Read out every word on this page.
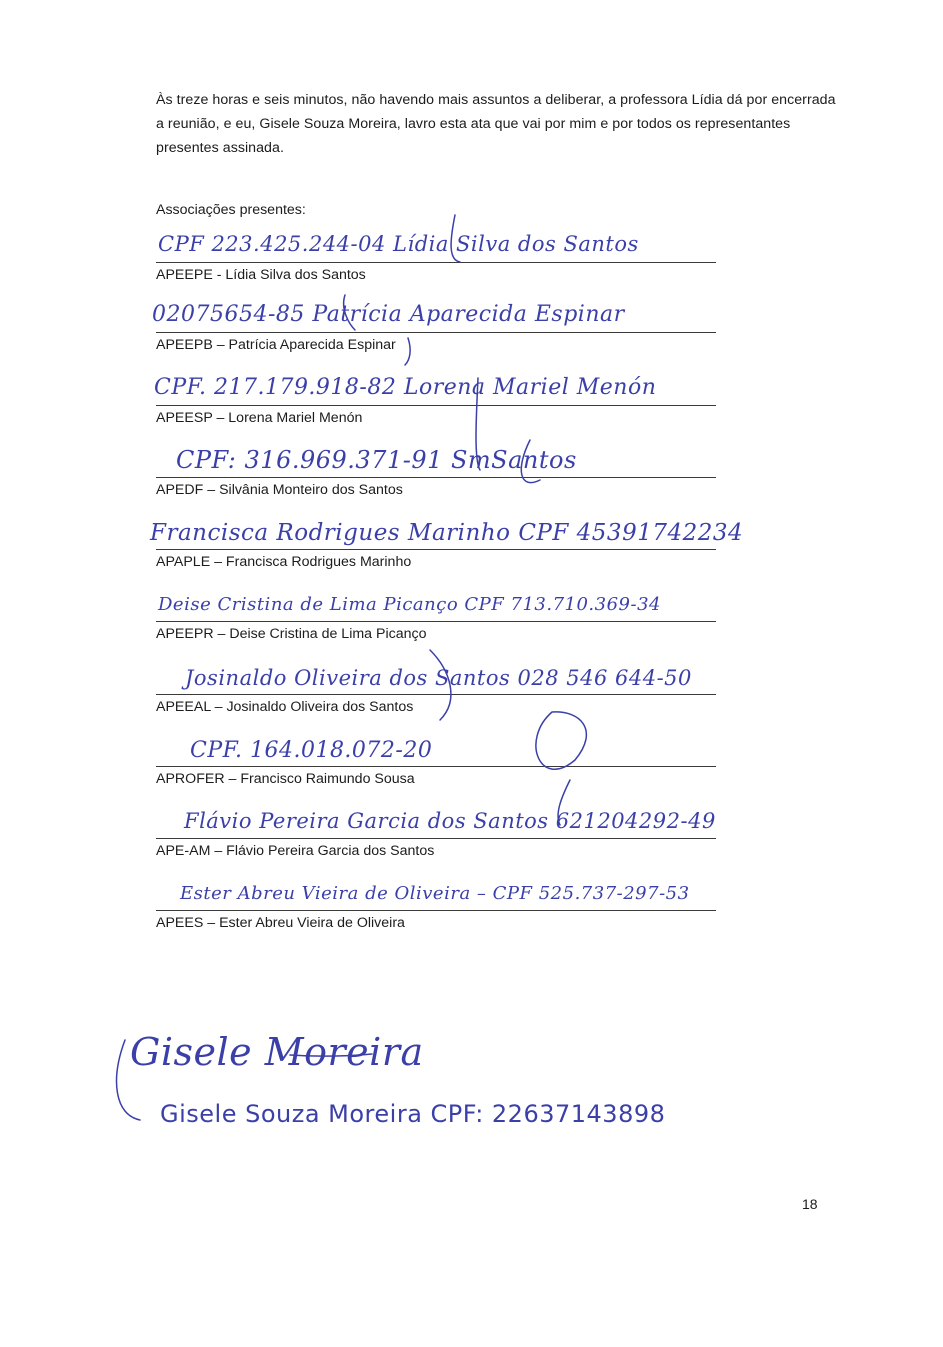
Às treze horas e seis minutos, não havendo mais assuntos a deliberar, a professora Lídia dá por encerrada a reunião, e eu, Gisele Souza Moreira, lavro esta ata que vai por mim e por todos os representantes presentes assinada.

Associações presentes:
APEEPE - Lídia Silva dos Santos
CPF 223.425.244-04 Lídia Silva dos Santos
APEEPB – Patrícia Aparecida Espinar
02075654-85 Patrícia Aparecida Espinar
APEESP – Lorena Mariel Menón
CPF. 217.179.918-82 Lorena Mariel Menón
APEDF – Silvânia Monteiro dos Santos
CPF: 316.969.371-91 SmSantos
APAPLE – Francisca Rodrigues Marinho
Francisca Rodrigues Marinho CPF 45391742234
APEEPR – Deise Cristina de Lima Picanço
Deise Cristina de Lima Picanço CPF 713.710.369-34
APEEAL – Josinaldo Oliveira dos Santos
Josinaldo Oliveira dos Santos 028 546 644-50
APROFER – Francisco Raimundo Sousa
CPF. 164.018.072-20
APE-AM – Flávio Pereira Garcia dos Santos
Flávio Pereira Garcia dos Santos 621204292-49
APEES – Ester Abreu Vieira de Oliveira
Ester Abreu Vieira de Oliveira – CPF 525.737-297-53
Gisele Moreira
Gisele Souza Moreira CPF: 22637143898
18
